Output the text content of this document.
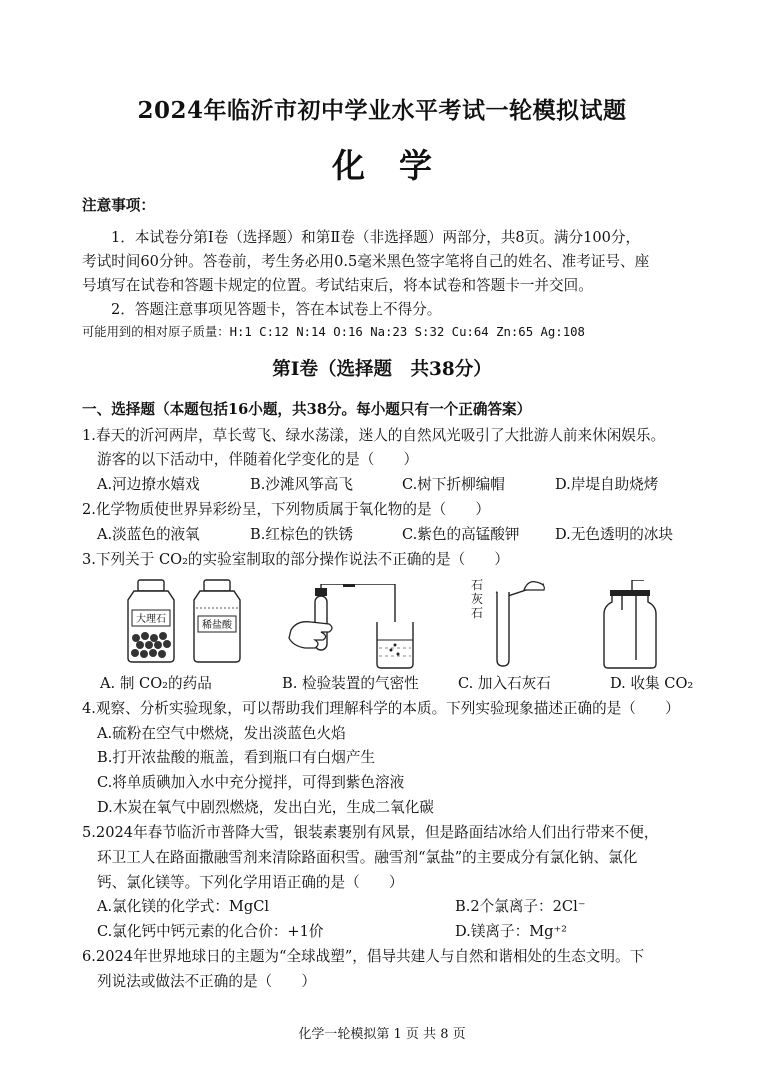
2024年临沂市初中学业水平考试一轮模拟试题
化学
注意事项：
1．本试卷分第Ⅰ卷（选择题）和第Ⅱ卷（非选择题）两部分，共8页。满分100分，
考试时间60分钟。答卷前，考生务必用0.5毫米黑色签字笔将自己的姓名、准考证号、座
号填写在试卷和答题卡规定的位置。考试结束后，将本试卷和答题卡一并交回。
2．答题注意事项见答题卡，答在本试卷上不得分。
可能用到的相对原子质量：H:1 C:12 N:14 O:16 Na:23 S:32 Cu:64 Zn:65 Ag:108
第Ⅰ卷（选择题　共38分）
一、选择题（本题包括16小题，共38分。每小题只有一个正确答案）
1.春天的沂河两岸，草长莺飞、绿水荡漾，迷人的自然风光吸引了大批游人前来休闲娱乐。
游客的以下活动中，伴随着化学变化的是（　　）
A.河边撩水嬉戏	B.沙滩风筝高飞	C.树下折柳编帽	D.岸堤自助烧烤
2.化学物质使世界异彩纷呈，下列物质属于氧化物的是（　　）
A.淡蓝色的液氧	B.红棕色的铁锈	C.紫色的高锰酸钾 D.无色透明的冰块
3.下列关于 CO₂的实验室制取的部分操作说法不正确的是（　　）
大理石
稀盐酸
石
灰
石
A. 制 CO₂的药品	B. 检验装置的气密性	C. 加入石灰石	D. 收集 CO₂
4.观察、分析实验现象，可以帮助我们理解科学的本质。下列实验现象描述正确的是（　　）
A.硫粉在空气中燃烧，发出淡蓝色火焰
B.打开浓盐酸的瓶盖，看到瓶口有白烟产生
C.将单质碘加入水中充分搅拌，可得到紫色溶液
D.木炭在氧气中剧烈燃烧，发出白光，生成二氧化碳
5.2024年春节临沂市普降大雪，银装素裹别有风景，但是路面结冰给人们出行带来不便，
环卫工人在路面撒融雪剂来清除路面积雪。融雪剂“氯盐”的主要成分有氯化钠、氯化
钙、氯化镁等。下列化学用语正确的是（　　）
A.氯化镁的化学式：MgCl	B.2个氯离子：2Cl⁻
C.氯化钙中钙元素的化合价：+1价	D.镁离子：Mg⁺²
6.2024年世界地球日的主题为“全球战塑”，倡导共建人与自然和谐相处的生态文明。下
列说法或做法不正确的是（　　）
化学一轮模拟第 1 页 共 8 页
